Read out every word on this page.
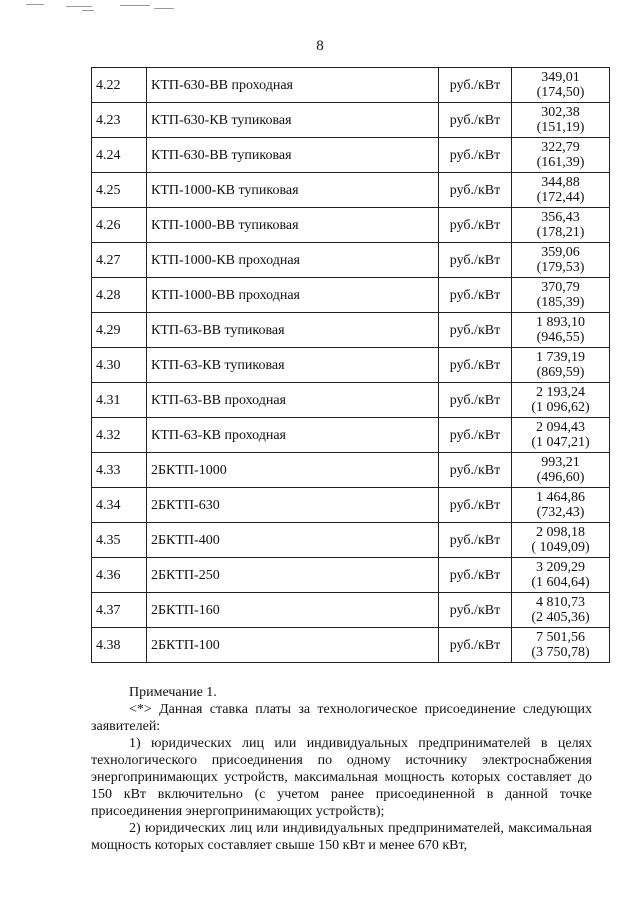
8
4.22	КТП-630-ВВ проходная	руб./кВт	349,01
(174,50)

4.23	КТП-630-КВ тупиковая	руб./кВт	302,38
(151,19)

4.24	КТП-630-ВВ тупиковая	руб./кВт	322,79
(161,39)

4.25	КТП-1000-КВ тупиковая	руб./кВт	344,88
(172,44)

4.26	КТП-1000-ВВ тупиковая	руб./кВт	356,43
(178,21)

4.27	КТП-1000-КВ проходная	руб./кВт	359,06
(179,53)

4.28	КТП-1000-ВВ проходная	руб./кВт	370,79
(185,39)

4.29	КТП-63-ВВ тупиковая	руб./кВт	1 893,10
(946,55)

4.30	КТП-63-КВ тупиковая	руб./кВт	1 739,19
(869,59)

4.31	КТП-63-ВВ проходная	руб./кВт	2 193,24
(1 096,62)

4.32	КТП-63-КВ проходная	руб./кВт	2 094,43
(1 047,21)

4.33	2БКТП-1000	руб./кВт	993,21
(496,60)

4.34	2БКТП-630	руб./кВт	1 464,86
(732,43)

4.35	2БКТП-400	руб./кВт	2 098,18
( 1049,09)

4.36	2БКТП-250	руб./кВт	3 209,29
(1 604,64)

4.37	2БКТП-160	руб./кВт	4 810,73
(2 405,36)

4.38	2БКТП-100	руб./кВт	7 501,56
(3 750,78)

Примечание 1.

<*> Данная ставка платы за технологическое присоединение следующих заявителей:

1) юридических лиц или индивидуальных предпринимателей в целях технологического присоединения по одному источнику электроснабжения энергопринимающих устройств, максимальная мощность которых составляет до 150 кВт включительно (с учетом ранее присоединенной в данной точке присоединения энергопринимающих устройств);

2) юридических лиц или индивидуальных предпринимателей, максимальная мощность которых составляет свыше 150 кВт и менее 670 кВт,
